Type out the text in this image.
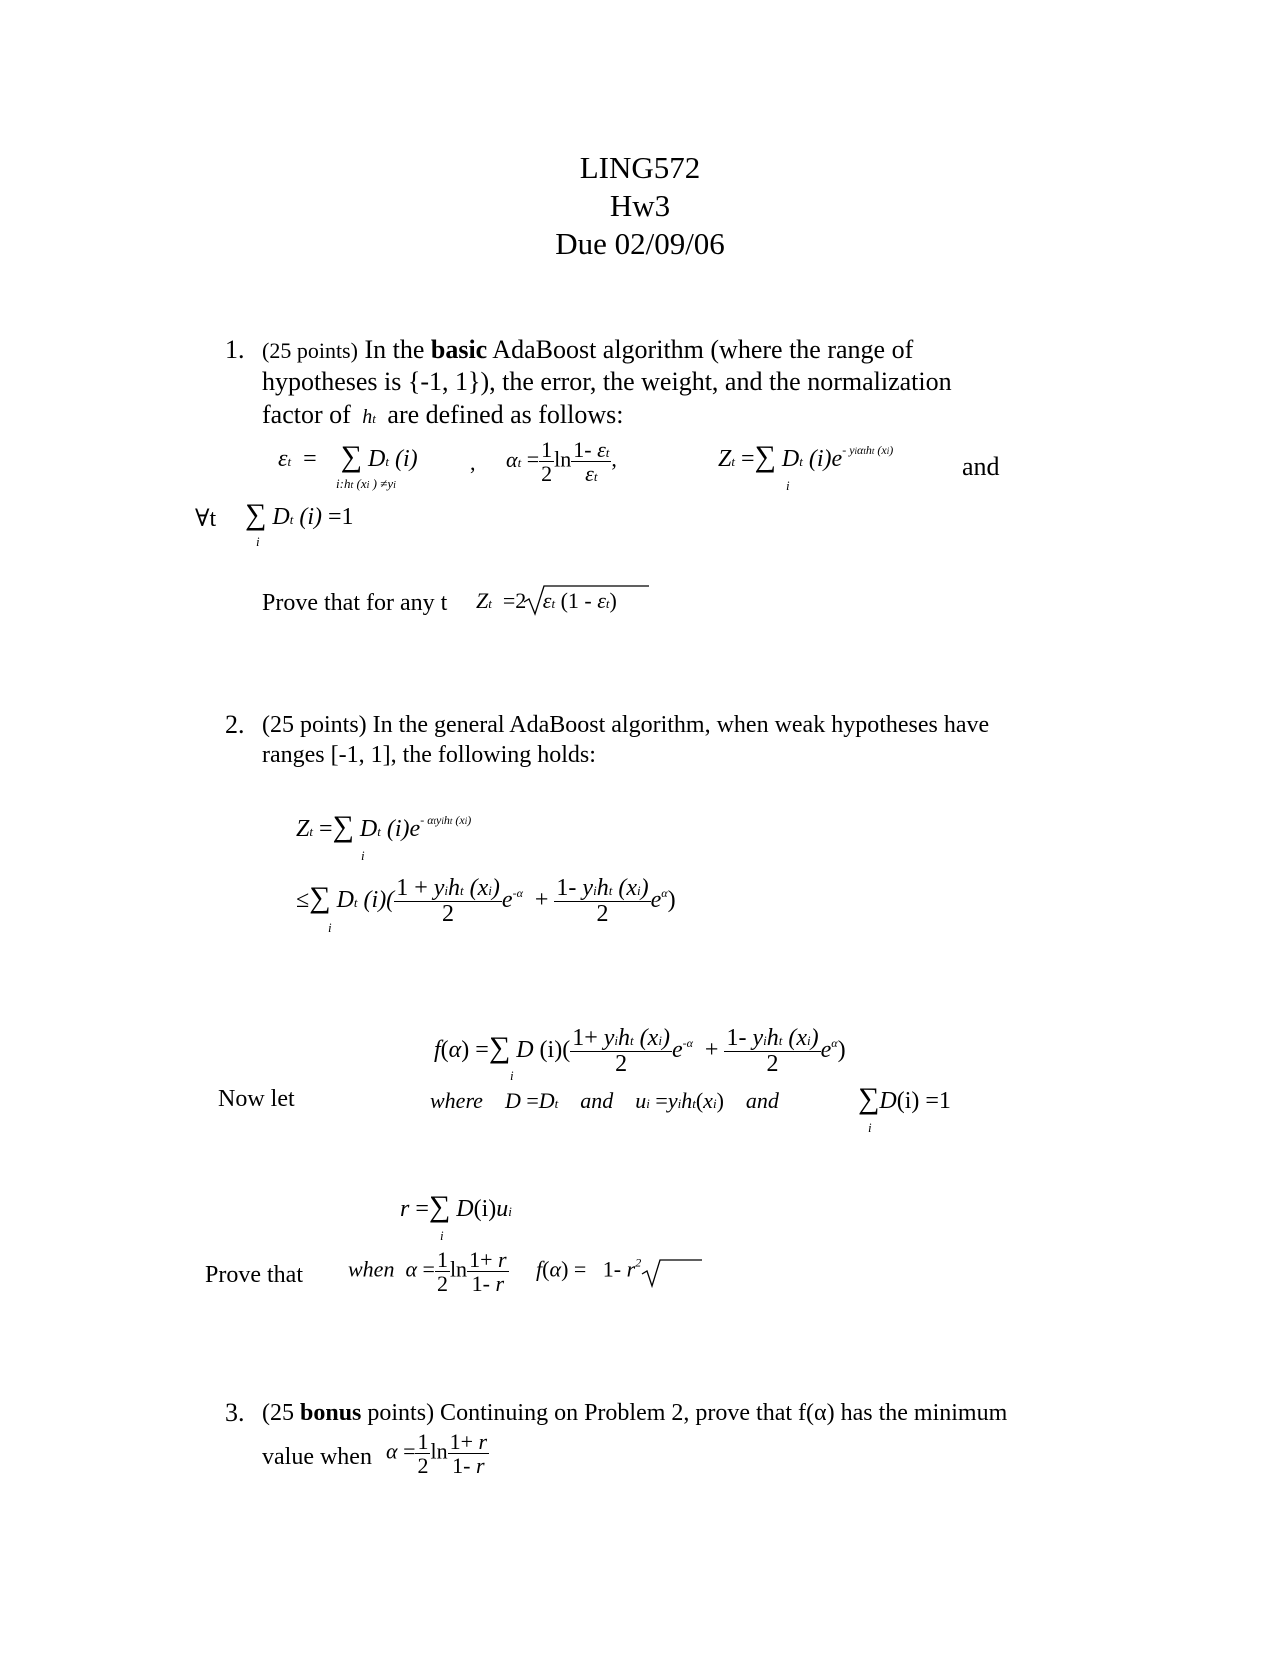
LING572
Hw3
Due 02/09/06
1. (25 points) In the basic AdaBoost algorithm (where the range of
hypotheses is {-1, 1}), the error, the weight, and the normalization
factor of  ht are defined as follows:
εt  =    ∑ Dt (i)
i:ht (xi ) ≠yi
, $\alpha t = \frac{1}{2}$ $\ln \frac{1- \varepsilon t}{\varepsilon t}$ ,	Zt =∑ Dt $(i)e^{- yi\alpha tht (xi)}$
i
and
∀t ∑ Dt (i) =1
i
Prove that for any t Zt  =2   εt (1 - εt)
2. (25 points) In the general AdaBoost algorithm, when weak hypotheses have
ranges [-1, 1], the following holds:
Zt =∑ Dt $(i)e^{- \alpha tyiht (xi)}$
i
≤∑ Dt $(i)( \frac{\text{1 + yiht (xi)}}{2} e^{-\alpha} + \frac{\text{1- yiht (xi)}}{2} e^\alpha)$
i
f(α) =∑ D $(i)( \frac{\text{1+ yiht (xi)}}{2} e^{-\alpha} + \frac{\text{1- yiht (xi)}}{2} e^\alpha)$
i
Now let	where D =Dt and ui =yiht(xi)    and	∑D(i) =1
i
r =∑ D(i)ui
i
Prove that when $\alpha = \frac{1}{2}$ $\ln \frac{1+ r}{1- r} f(\alpha) = 1-$ $r^2$
3. (25 bonus points) Continuing on Problem 2, prove that f(α) has the minimum
value when $\alpha = \frac{1}{2}$ $\ln \frac{1+ r}{1- r}$
